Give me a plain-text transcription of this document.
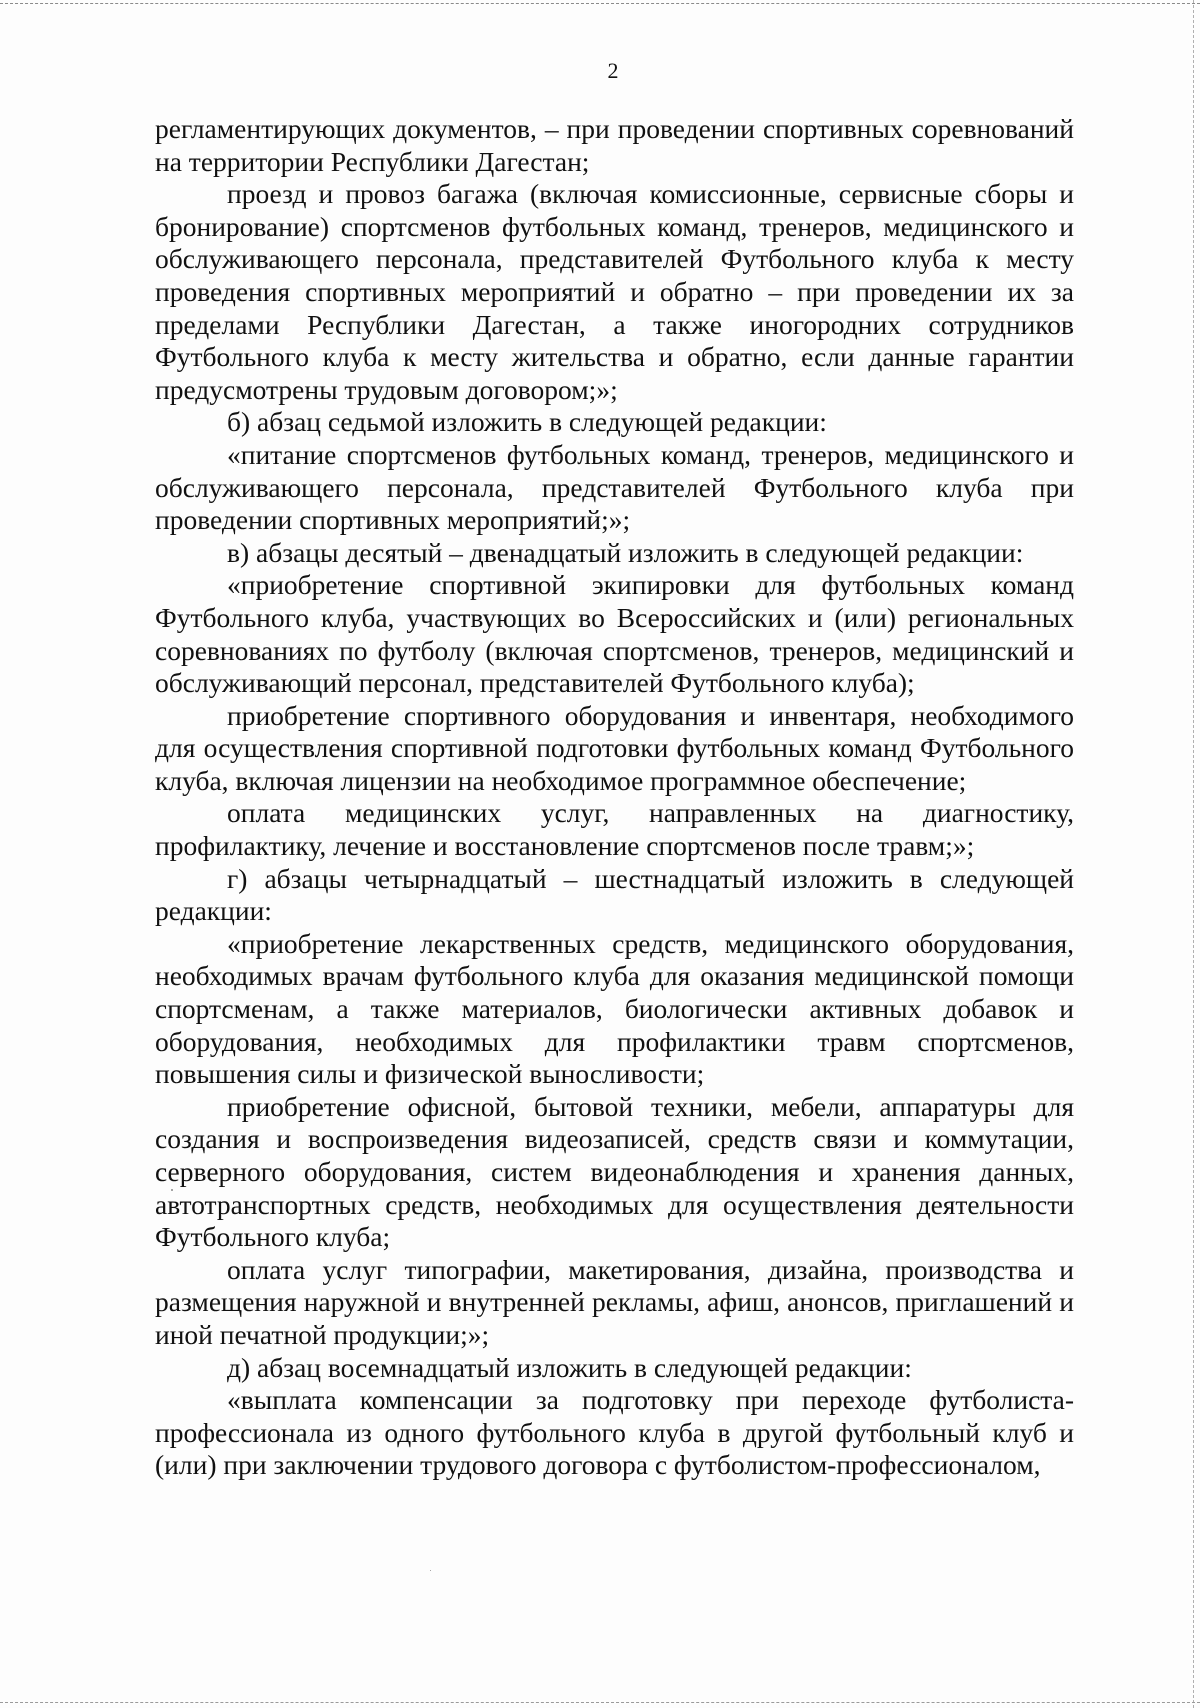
2

регламентирующих документов, – при проведении спортивных соревнований на территории Республики Дагестан;

проезд и провоз багажа (включая комиссионные, сервисные сборы и бронирование) спортсменов футбольных команд, тренеров, медицинского и обслуживающего персонала, представителей Футбольного клуба к месту проведения спортивных мероприятий и обратно – при проведении их за пределами Республики Дагестан, а также иногородних сотрудников Футбольного клуба к месту жительства и обратно, если данные гарантии предусмотрены трудовым договором;»;

б) абзац седьмой изложить в следующей редакции:

«питание спортсменов футбольных команд, тренеров, медицинского и обслуживающего персонала, представителей Футбольного клуба при проведении спортивных мероприятий;»;

в) абзацы десятый – двенадцатый изложить в следующей редакции:

«приобретение спортивной экипировки для футбольных команд Футбольного клуба, участвующих во Всероссийских и (или) региональных соревнованиях по футболу (включая спортсменов, тренеров, медицинский и обслуживающий персонал, представителей Футбольного клуба);

приобретение спортивного оборудования и инвентаря, необходимого для осуществления спортивной подготовки футбольных команд Футбольного клуба, включая лицензии на необходимое программное обеспечение;

оплата медицинских услуг, направленных на диагностику, профилактику, лечение и восстановление спортсменов после травм;»;

г) абзацы четырнадцатый – шестнадцатый изложить в следующей редакции:

«приобретение лекарственных средств, медицинского оборудования, необходимых врачам футбольного клуба для оказания медицинской помощи спортсменам, а также материалов, биологически активных добавок и оборудования, необходимых для профилактики травм спортсменов, повышения силы и физической выносливости;

приобретение офисной, бытовой техники, мебели, аппаратуры для создания и воспроизведения видеозаписей, средств связи и коммутации, серверного оборудования, систем видеонаблюдения и хранения данных, автотранспортных средств, необходимых для осуществления деятельности Футбольного клуба;

оплата услуг типографии, макетирования, дизайна, производства и размещения наружной и внутренней рекламы, афиш, анонсов, приглашений и иной печатной продукции;»;

д) абзац восемнадцатый изложить в следующей редакции:

«выплата компенсации за подготовку при переходе футболиста-профессионала из одного футбольного клуба в другой футбольный клуб и (или) при заключении трудового договора с футболистом-профессионалом,
